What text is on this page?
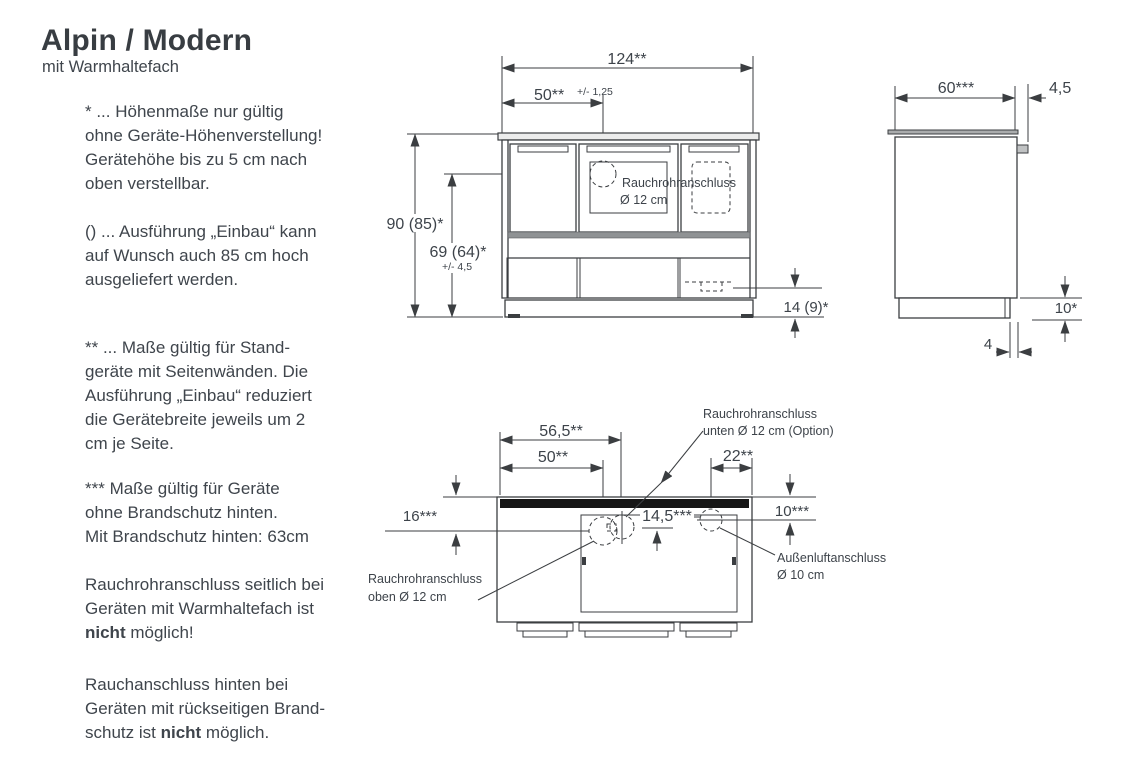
Alpin / Modern
mit Warmhaltefach
* ... Höhenmaße nur gültig
ohne Geräte-Höhenverstellung!
Gerätehöhe bis zu 5 cm nach
oben verstellbar.
() ... Ausführung „Einbau“ kann
auf Wunsch auch 85 cm hoch
ausgeliefert werden.
** ... Maße gültig für Stand-
geräte mit Seitenwänden. Die
Ausführung „Einbau“ reduziert
die Gerätebreite jeweils um 2
cm je Seite.
*** Maße gültig für Geräte
ohne Brandschutz hinten.
Mit Brandschutz hinten: 63cm
Rauchrohranschluss seitlich bei
Geräten mit Warmhaltefach ist
nicht möglich!
Rauchanschluss hinten bei
Geräten mit rückseitigen Brand-
schutz ist nicht möglich.
124**
50** +/- 1,25
90 (85)*
69 (64)*
+/- 4,5
14 (9)*
Rauchrohranschluss
Ø 12 cm
60***	4,5
10*
4
56,5**
50**	22**
16***	10***
14,5***
Rauchrohranschluss
unten Ø 12 cm (Option)
Rauchrohranschluss
oben Ø 12 cm
Außenluftanschluss
Ø 10 cm
